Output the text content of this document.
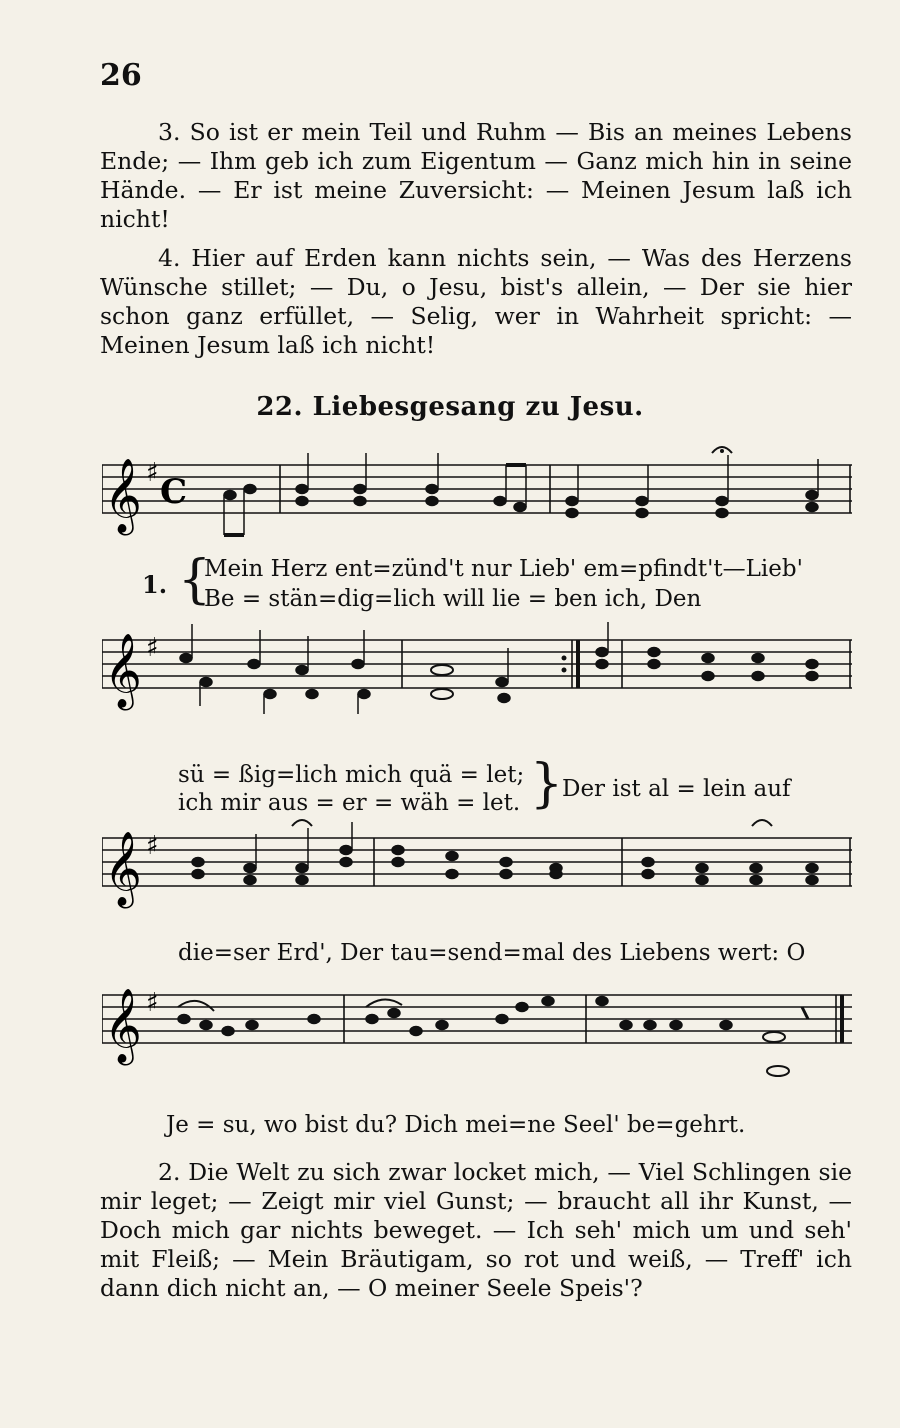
26

3. So ist er mein Teil und Ruhm — Bis an meines Lebens Ende; — Ihm geb ich zum Eigentum — Ganz mich hin in seine Hände. — Er ist meine Zuversicht: — Meinen Jesum laß ich nicht!

4. Hier auf Erden kann nichts sein, — Was des Herzens Wünsche stillet; — Du, o Jesu, bist's allein, — Der sie hier schon ganz erfüllet, — Selig, wer in Wahrheit spricht: — Meinen Jesum laß ich nicht!

22. Liebesgesang zu Jesu.
𝄞 ♯ C
1. {
Mein Herz ent=zünd't nur Lieb' em=pfindt't—Lieb'
Be = stän=dig=lich will lie = ben ich, Den
𝄞 ♯
sü = ßig=lich mich quä = let;
ich mir aus = er = wäh = let. }
Der ist al = lein auf
𝄞 ♯
die=ser Erd', Der tau=send=mal des Liebens wert: O
𝄞 ♯
Je = su, wo bist du? Dich mei=ne Seel' be=gehrt.

2. Die Welt zu sich zwar locket mich, — Viel Schlingen sie mir leget; — Zeigt mir viel Gunst; — braucht all ihr Kunst, — Doch mich gar nichts beweget. — Ich seh' mich um und seh' mit Fleiß; — Mein Bräutigam, so rot und weiß, — Treff' ich dann dich nicht an, — O meiner Seele Speis'?
